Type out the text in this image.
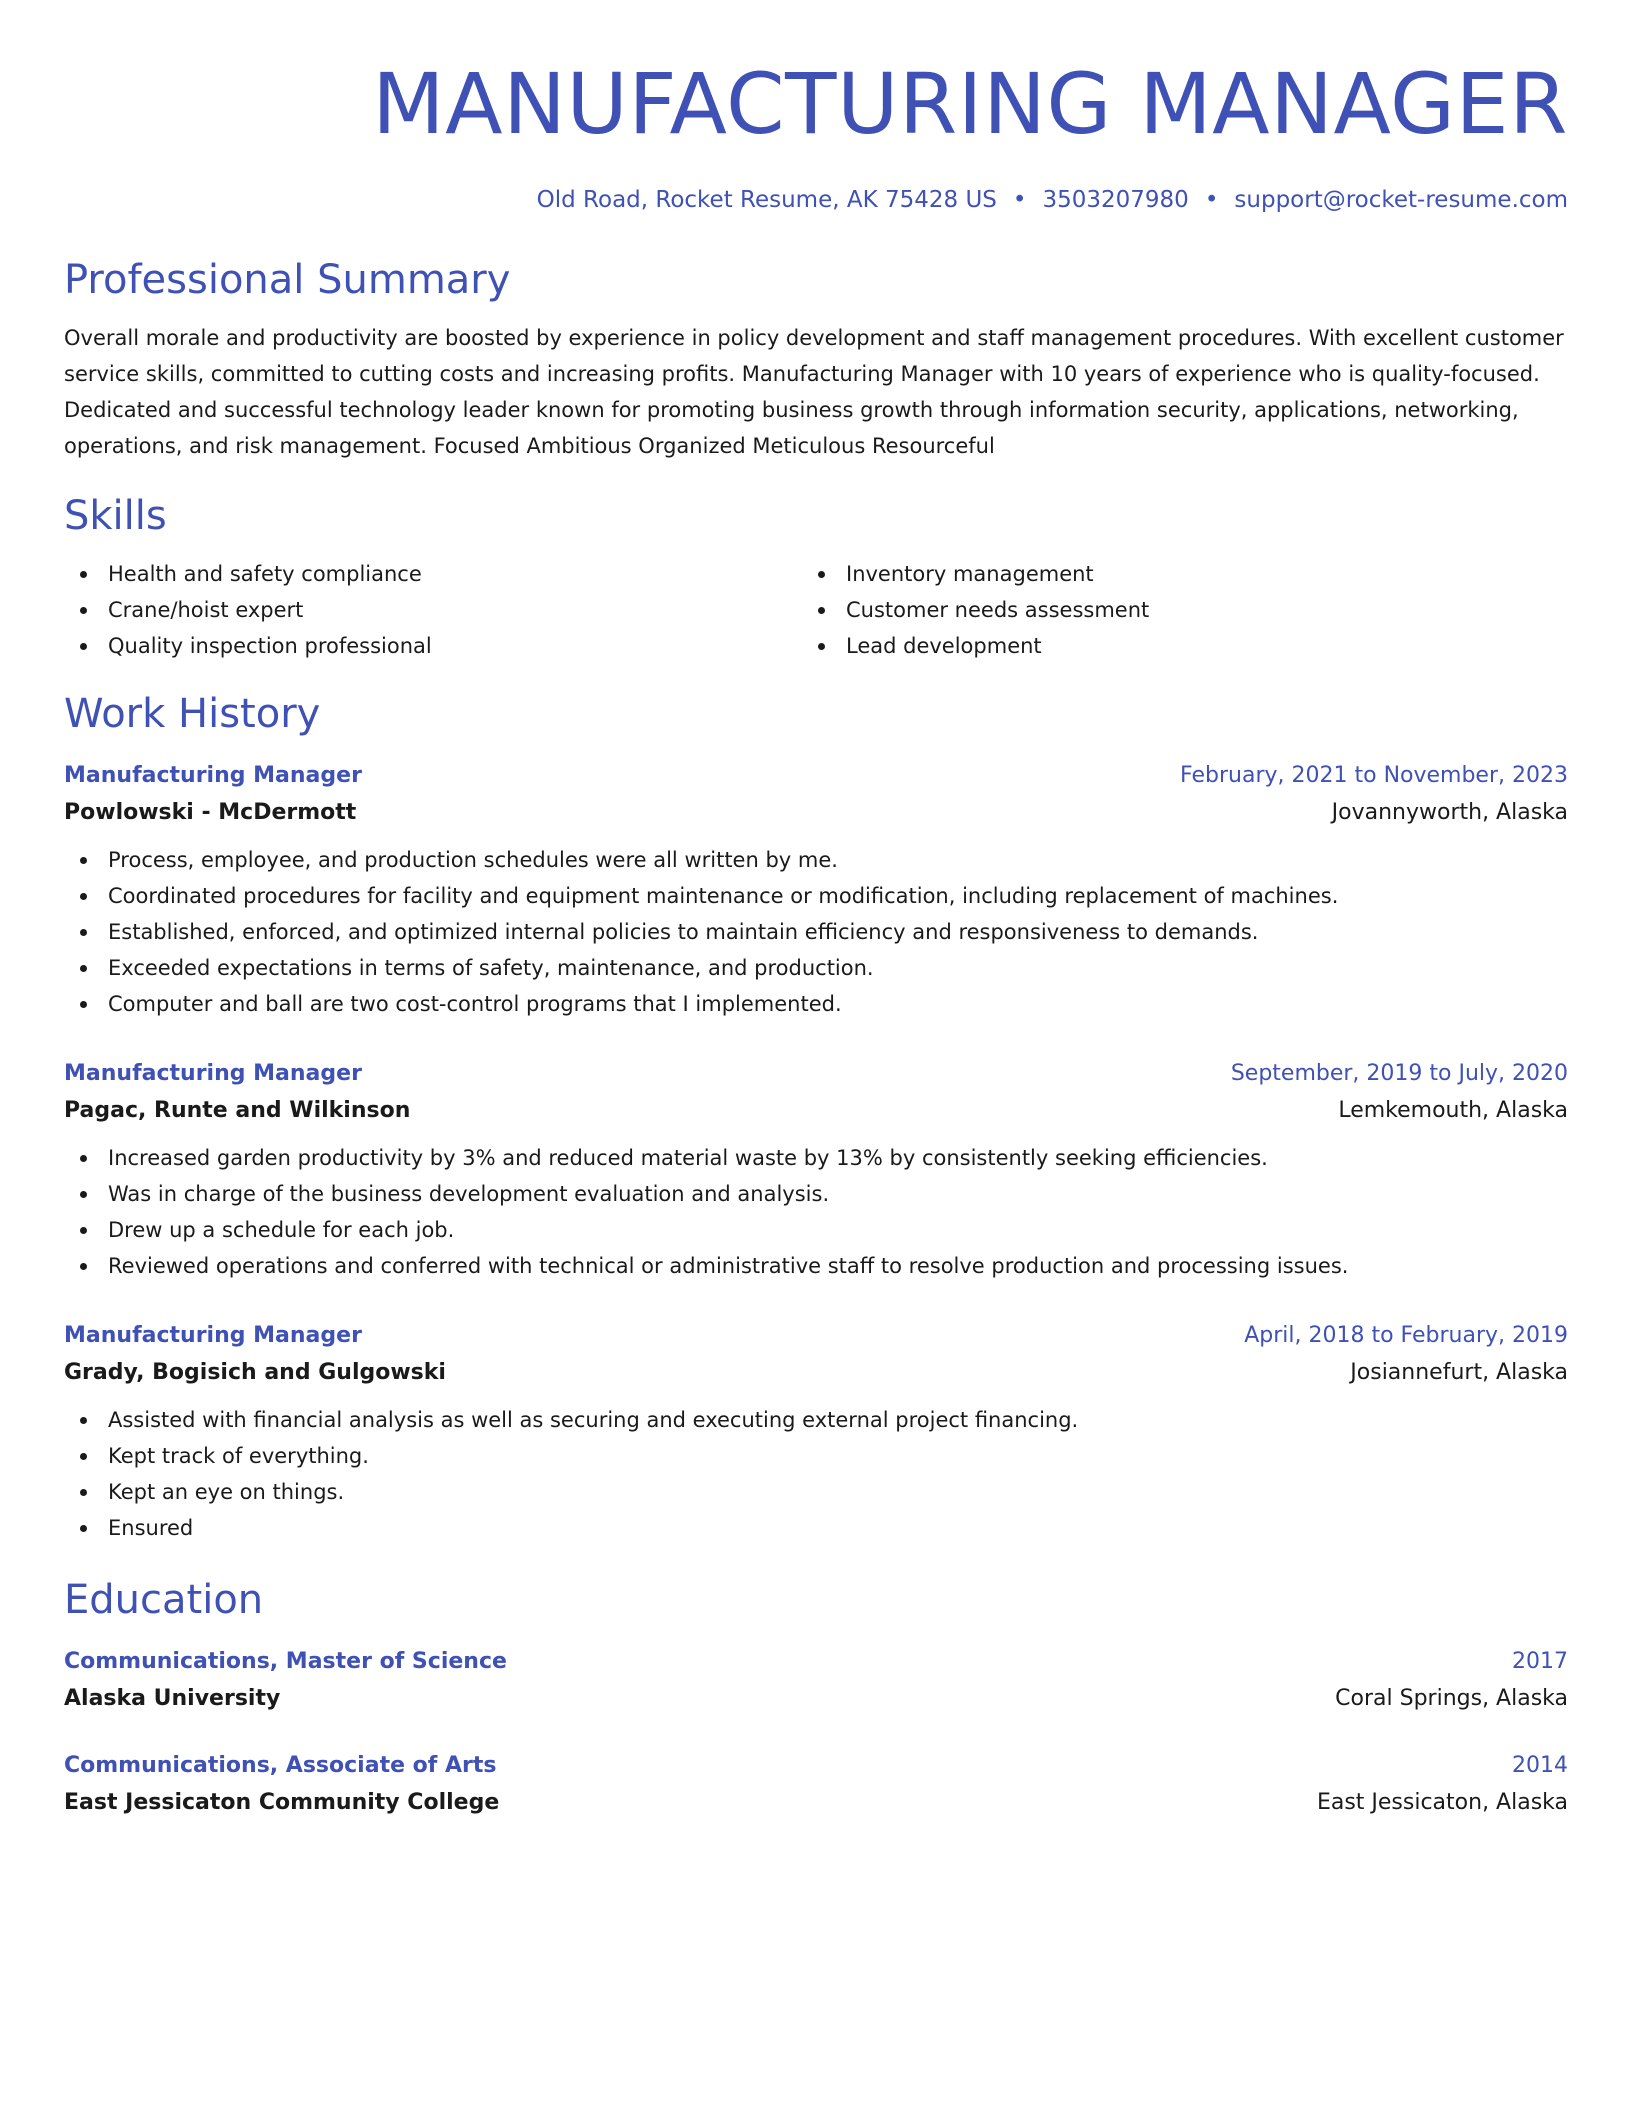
MANUFACTURING MANAGER
Old Road, Rocket Resume, AK 75428 US • 3503207980 • support@rocket-resume.com
Professional Summary
Overall morale and productivity are boosted by experience in policy development and staff management procedures. With excellent customer service skills, committed to cutting costs and increasing profits. Manufacturing Manager with 10 years of experience who is quality-focused. Dedicated and successful technology leader known for promoting business growth through information security, applications, networking, operations, and risk management. Focused Ambitious Organized Meticulous Resourceful
Skills
Health and safety compliance
Crane/hoist expert
Quality inspection professional
Inventory management
Customer needs assessment
Lead development
Work History
Manufacturing Manager	February, 2021 to November, 2023
Powlowski - McDermott	Jovannyworth, Alaska
Process, employee, and production schedules were all written by me.
Coordinated procedures for facility and equipment maintenance or modification, including replacement of machines.
Established, enforced, and optimized internal policies to maintain efficiency and responsiveness to demands.
Exceeded expectations in terms of safety, maintenance, and production.
Computer and ball are two cost-control programs that I implemented.
Manufacturing Manager	September, 2019 to July, 2020
Pagac, Runte and Wilkinson	Lemkemouth, Alaska
Increased garden productivity by 3% and reduced material waste by 13% by consistently seeking efficiencies.
Was in charge of the business development evaluation and analysis.
Drew up a schedule for each job.
Reviewed operations and conferred with technical or administrative staff to resolve production and processing issues.
Manufacturing Manager	April, 2018 to February, 2019
Grady, Bogisich and Gulgowski	Josiannefurt, Alaska
Assisted with financial analysis as well as securing and executing external project financing.
Kept track of everything.
Kept an eye on things.
Ensured
Education
Communications, Master of Science	2017
Alaska University	Coral Springs, Alaska
Communications, Associate of Arts	2014
East Jessicaton Community College	East Jessicaton, Alaska
